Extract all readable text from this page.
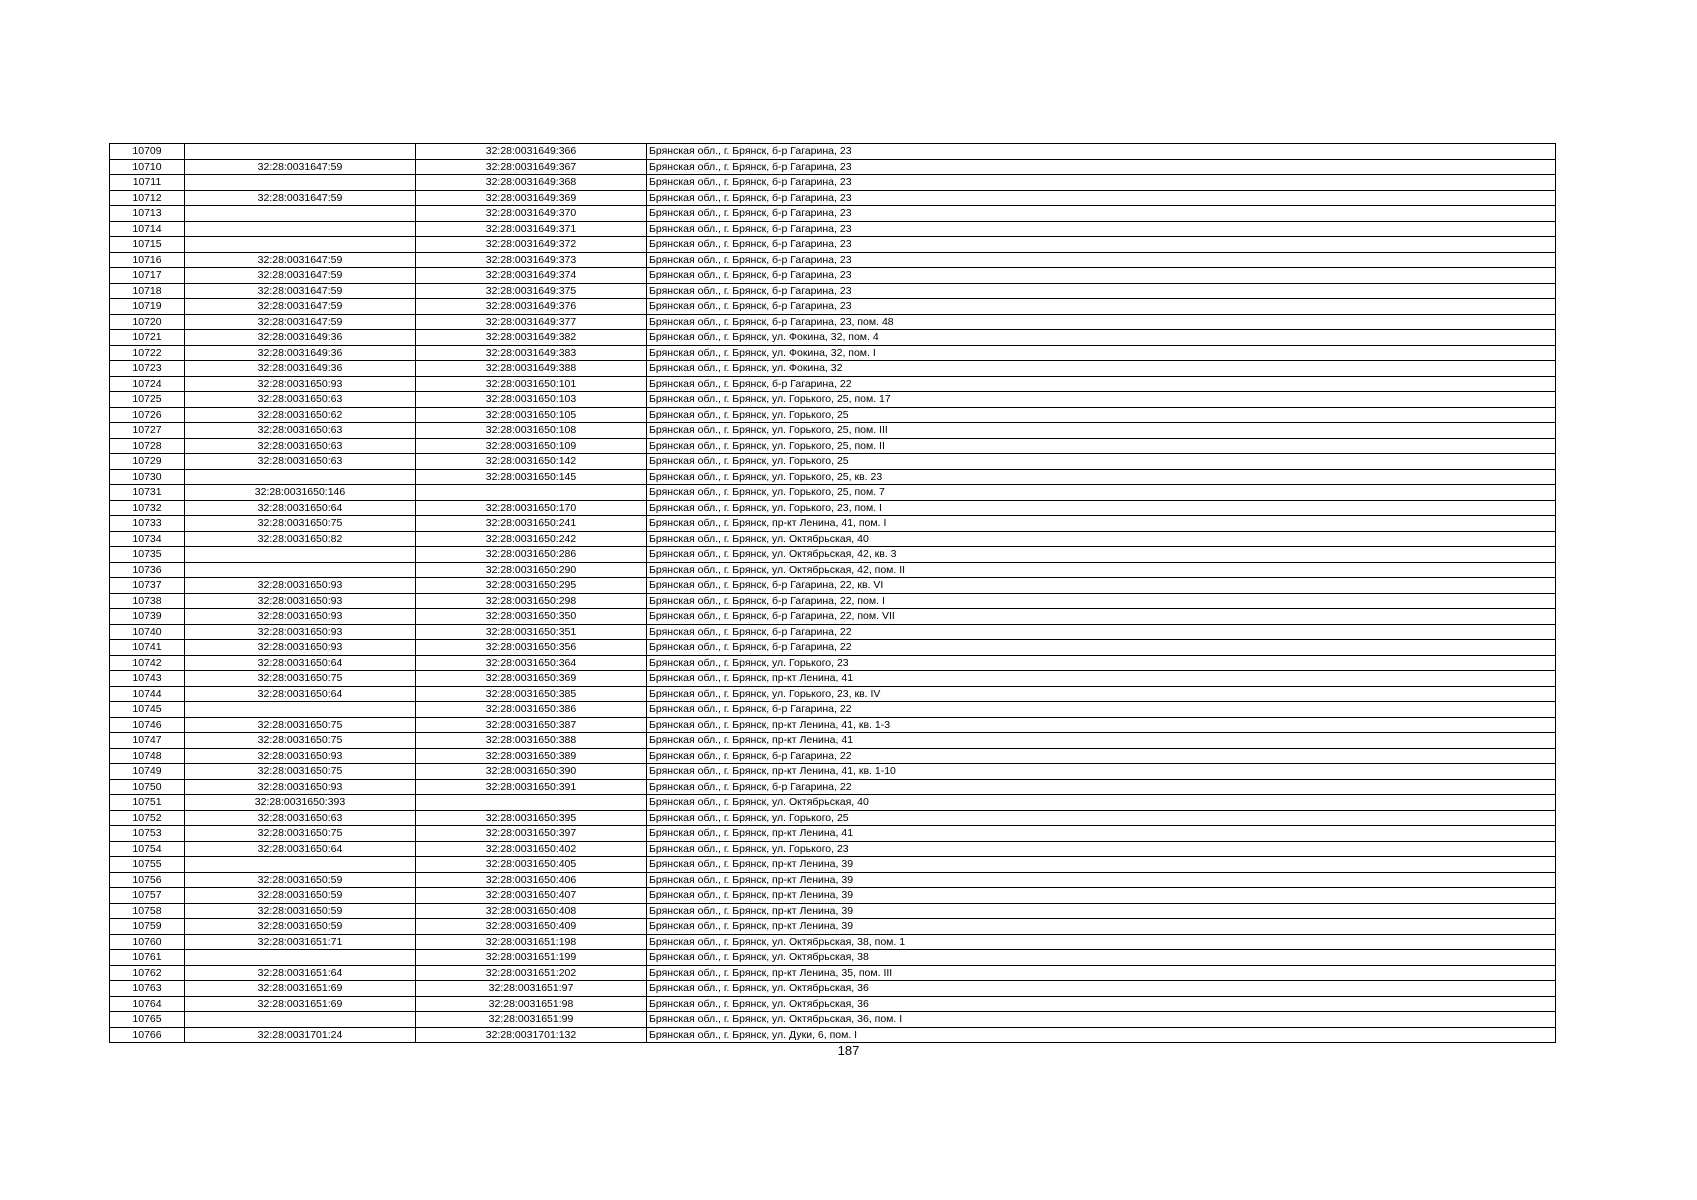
10709		32:28:0031649:366	Брянская обл., г. Брянск, б-р Гагарина, 23
10710	32:28:0031647:59	32:28:0031649:367	Брянская обл., г. Брянск, б-р Гагарина, 23
10711		32:28:0031649:368	Брянская обл., г. Брянск, б-р Гагарина, 23
10712	32:28:0031647:59	32:28:0031649:369	Брянская обл., г. Брянск, б-р Гагарина, 23
10713		32:28:0031649:370	Брянская обл., г. Брянск, б-р Гагарина, 23
10714		32:28:0031649:371	Брянская обл., г. Брянск, б-р Гагарина, 23
10715		32:28:0031649:372	Брянская обл., г. Брянск, б-р Гагарина, 23
10716	32:28:0031647:59	32:28:0031649:373	Брянская обл., г. Брянск, б-р Гагарина, 23
10717	32:28:0031647:59	32:28:0031649:374	Брянская обл., г. Брянск, б-р Гагарина, 23
10718	32:28:0031647:59	32:28:0031649:375	Брянская обл., г. Брянск, б-р Гагарина, 23
10719	32:28:0031647:59	32:28:0031649:376	Брянская обл., г. Брянск, б-р Гагарина, 23
10720	32:28:0031647:59	32:28:0031649:377	Брянская обл., г. Брянск, б-р Гагарина, 23, пом. 48
10721	32:28:0031649:36	32:28:0031649:382	Брянская обл., г. Брянск, ул. Фокина, 32, пом. 4
10722	32:28:0031649:36	32:28:0031649:383	Брянская обл., г. Брянск, ул. Фокина, 32, пом. I
10723	32:28:0031649:36	32:28:0031649:388	Брянская обл., г. Брянск, ул. Фокина, 32
10724	32:28:0031650:93	32:28:0031650:101	Брянская обл., г. Брянск, б-р Гагарина, 22
10725	32:28:0031650:63	32:28:0031650:103	Брянская обл., г. Брянск, ул. Горького, 25, пом. 17
10726	32:28:0031650:62	32:28:0031650:105	Брянская обл., г. Брянск, ул. Горького, 25
10727	32:28:0031650:63	32:28:0031650:108	Брянская обл., г. Брянск, ул. Горького, 25, пом. III
10728	32:28:0031650:63	32:28:0031650:109	Брянская обл., г. Брянск, ул. Горького, 25, пом. II
10729	32:28:0031650:63	32:28:0031650:142	Брянская обл., г. Брянск, ул. Горького, 25
10730		32:28:0031650:145	Брянская обл., г. Брянск, ул. Горького, 25, кв. 23
10731	32:28:0031650:146		Брянская обл., г. Брянск, ул. Горького, 25, пом. 7
10732	32:28:0031650:64	32:28:0031650:170	Брянская обл., г. Брянск, ул. Горького, 23, пом. I
10733	32:28:0031650:75	32:28:0031650:241	Брянская обл., г. Брянск, пр-кт Ленина, 41, пом. I
10734	32:28:0031650:82	32:28:0031650:242	Брянская обл., г. Брянск, ул. Октябрьская, 40
10735		32:28:0031650:286	Брянская обл., г. Брянск, ул. Октябрьская, 42, кв. 3
10736		32:28:0031650:290	Брянская обл., г. Брянск, ул. Октябрьская, 42, пом. II
10737	32:28:0031650:93	32:28:0031650:295	Брянская обл., г. Брянск, б-р Гагарина, 22, кв. VI
10738	32:28:0031650:93	32:28:0031650:298	Брянская обл., г. Брянск, б-р Гагарина, 22, пом. I
10739	32:28:0031650:93	32:28:0031650:350	Брянская обл., г. Брянск, б-р Гагарина, 22, пом. VII
10740	32:28:0031650:93	32:28:0031650:351	Брянская обл., г. Брянск, б-р Гагарина, 22
10741	32:28:0031650:93	32:28:0031650:356	Брянская обл., г. Брянск, б-р Гагарина, 22
10742	32:28:0031650:64	32:28:0031650:364	Брянская обл., г. Брянск, ул. Горького, 23
10743	32:28:0031650:75	32:28:0031650:369	Брянская обл., г. Брянск, пр-кт Ленина, 41
10744	32:28:0031650:64	32:28:0031650:385	Брянская обл., г. Брянск, ул. Горького, 23, кв. IV
10745		32:28:0031650:386	Брянская обл., г. Брянск, б-р Гагарина, 22
10746	32:28:0031650:75	32:28:0031650:387	Брянская обл., г. Брянск, пр-кт Ленина, 41, кв. 1-3
10747	32:28:0031650:75	32:28:0031650:388	Брянская обл., г. Брянск, пр-кт Ленина, 41
10748	32:28:0031650:93	32:28:0031650:389	Брянская обл., г. Брянск, б-р Гагарина, 22
10749	32:28:0031650:75	32:28:0031650:390	Брянская обл., г. Брянск, пр-кт Ленина, 41, кв. 1-10
10750	32:28:0031650:93	32:28:0031650:391	Брянская обл., г. Брянск, б-р Гагарина, 22
10751	32:28:0031650:393		Брянская обл., г. Брянск, ул. Октябрьская, 40
10752	32:28:0031650:63	32:28:0031650:395	Брянская обл., г. Брянск, ул. Горького, 25
10753	32:28:0031650:75	32:28:0031650:397	Брянская обл., г. Брянск, пр-кт Ленина, 41
10754	32:28:0031650:64	32:28:0031650:402	Брянская обл., г. Брянск, ул. Горького, 23
10755		32:28:0031650:405	Брянская обл., г. Брянск, пр-кт Ленина, 39
10756	32:28:0031650:59	32:28:0031650:406	Брянская обл., г. Брянск, пр-кт Ленина, 39
10757	32:28:0031650:59	32:28:0031650:407	Брянская обл., г. Брянск, пр-кт Ленина, 39
10758	32:28:0031650:59	32:28:0031650:408	Брянская обл., г. Брянск, пр-кт Ленина, 39
10759	32:28:0031650:59	32:28:0031650:409	Брянская обл., г. Брянск, пр-кт Ленина, 39
10760	32:28:0031651:71	32:28:0031651:198	Брянская обл., г. Брянск, ул. Октябрьская, 38, пом. 1
10761		32:28:0031651:199	Брянская обл., г. Брянск, ул. Октябрьская, 38
10762	32:28:0031651:64	32:28:0031651:202	Брянская обл., г. Брянск, пр-кт Ленина, 35, пом. III
10763	32:28:0031651:69	32:28:0031651:97	Брянская обл., г. Брянск, ул. Октябрьская, 36
10764	32:28:0031651:69	32:28:0031651:98	Брянская обл., г. Брянск, ул. Октябрьская, 36
10765		32:28:0031651:99	Брянская обл., г. Брянск, ул. Октябрьская, 36, пом. I
10766	32:28:0031701:24	32:28:0031701:132	Брянская обл., г. Брянск, ул. Дуки, 6, пом. I
187
